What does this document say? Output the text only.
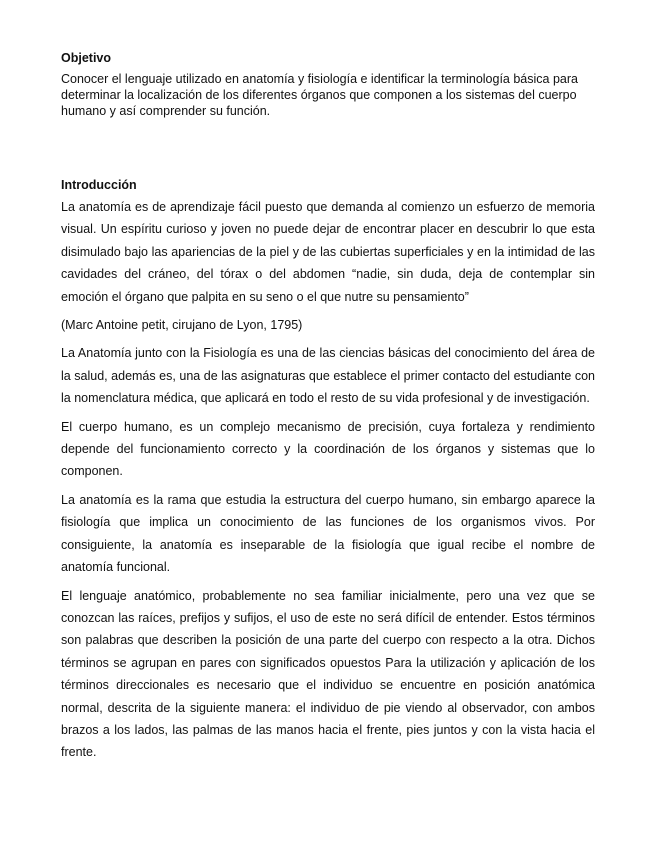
Objetivo

Conocer el lenguaje utilizado en anatomía y fisiología e identificar la terminología básica para determinar la localización de los diferentes órganos que componen a los sistemas del cuerpo humano y así comprender su función.

Introducción

La anatomía es de aprendizaje fácil puesto que demanda al comienzo un esfuerzo de memoria visual. Un espíritu curioso y joven no puede dejar de encontrar placer en descubrir lo que esta disimulado bajo las apariencias de la piel y de las cubiertas superficiales y en la intimidad de las cavidades del cráneo, del tórax o del abdomen “nadie, sin duda, deja de contemplar sin emoción el órgano que palpita en su seno o el que nutre su pensamiento”

(Marc Antoine petit, cirujano de Lyon, 1795)

La Anatomía junto con la Fisiología es una de las ciencias básicas del conocimiento del área de la salud, además es, una de las asignaturas que establece el primer contacto del estudiante con la nomenclatura médica, que aplicará en todo el resto de su vida profesional y de investigación.

El cuerpo humano, es un complejo mecanismo de precisión, cuya fortaleza y rendimiento depende del funcionamiento correcto y la coordinación de los órganos y sistemas que lo componen.

La anatomía es la rama que estudia la estructura del cuerpo humano, sin embargo aparece la fisiología que implica un conocimiento de las funciones de los organismos vivos. Por consiguiente, la anatomía es inseparable de la fisiología que igual recibe el nombre de anatomía funcional.

El lenguaje anatómico, probablemente no sea familiar inicialmente, pero una vez que se conozcan las raíces, prefijos y sufijos, el uso de este no será difícil de entender. Estos términos son palabras que describen la posición de una parte del cuerpo con respecto a la otra. Dichos términos se agrupan en pares con significados opuestos Para la utilización y aplicación de los términos direccionales es necesario que el individuo se encuentre en posición anatómica normal, descrita de la siguiente manera: el individuo de pie viendo al observador, con ambos brazos a los lados, las palmas de las manos hacia el frente, pies juntos y con la vista hacia el frente.
